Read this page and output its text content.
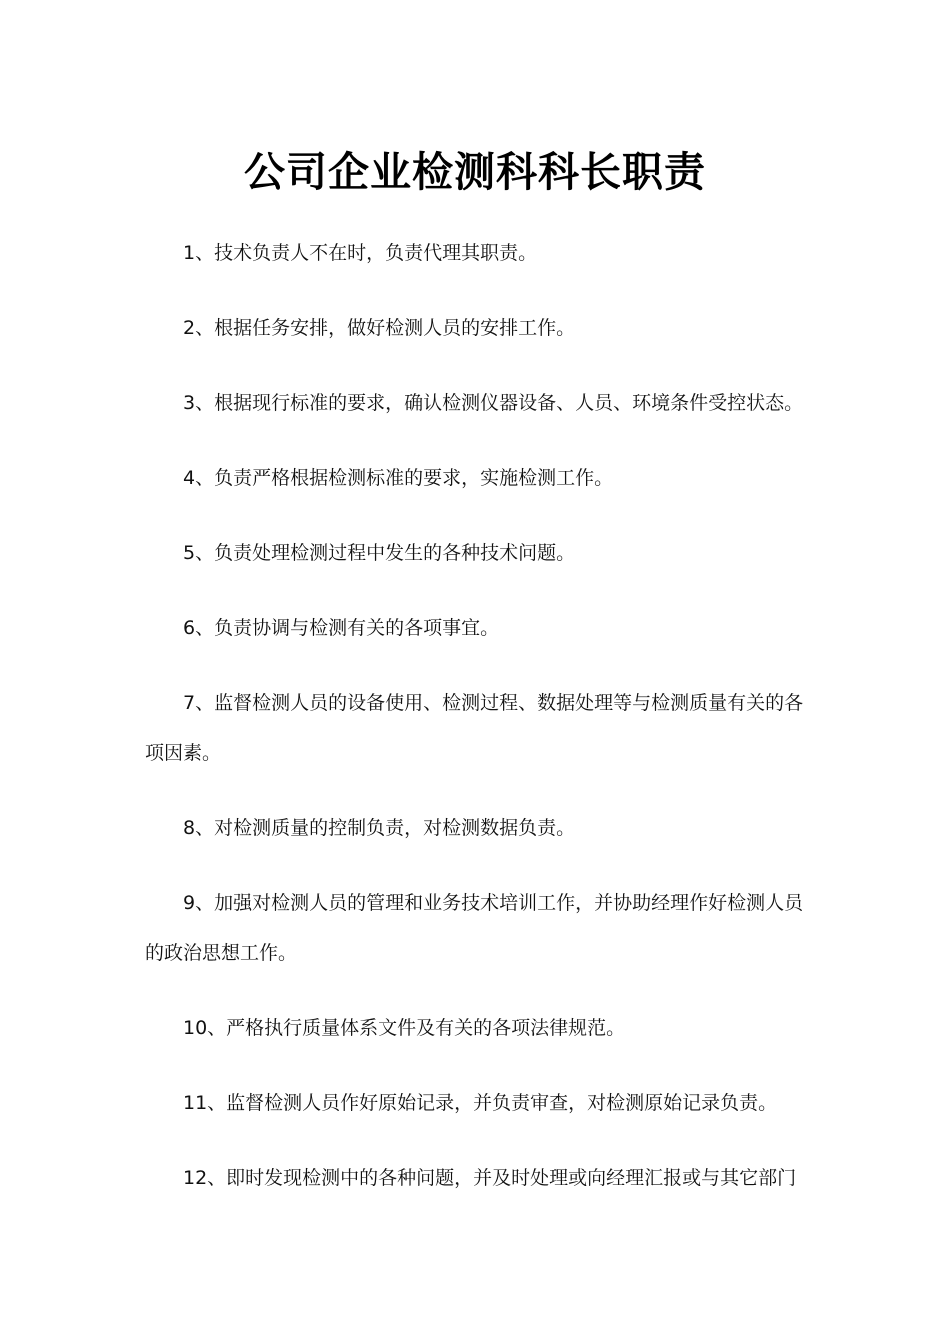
公司企业检测科科长职责

1、技术负责人不在时，负责代理其职责。

2、根据任务安排，做好检测人员的安排工作。

3、根据现行标准的要求，确认检测仪器设备、人员、环境条件受控状态。

4、负责严格根据检测标准的要求，实施检测工作。

5、负责处理检测过程中发生的各种技术问题。

6、负责协调与检测有关的各项事宜。

7、监督检测人员的设备使用、检测过程、数据处理等与检测质量有关的各项因素。

8、对检测质量的控制负责，对检测数据负责。

9、加强对检测人员的管理和业务技术培训工作，并协助经理作好检测人员的政治思想工作。

10、严格执行质量体系文件及有关的各项法律规范。

11、监督检测人员作好原始记录，并负责审查，对检测原始记录负责。

12、即时发现检测中的各种问题，并及时处理或向经理汇报或与其它部门
